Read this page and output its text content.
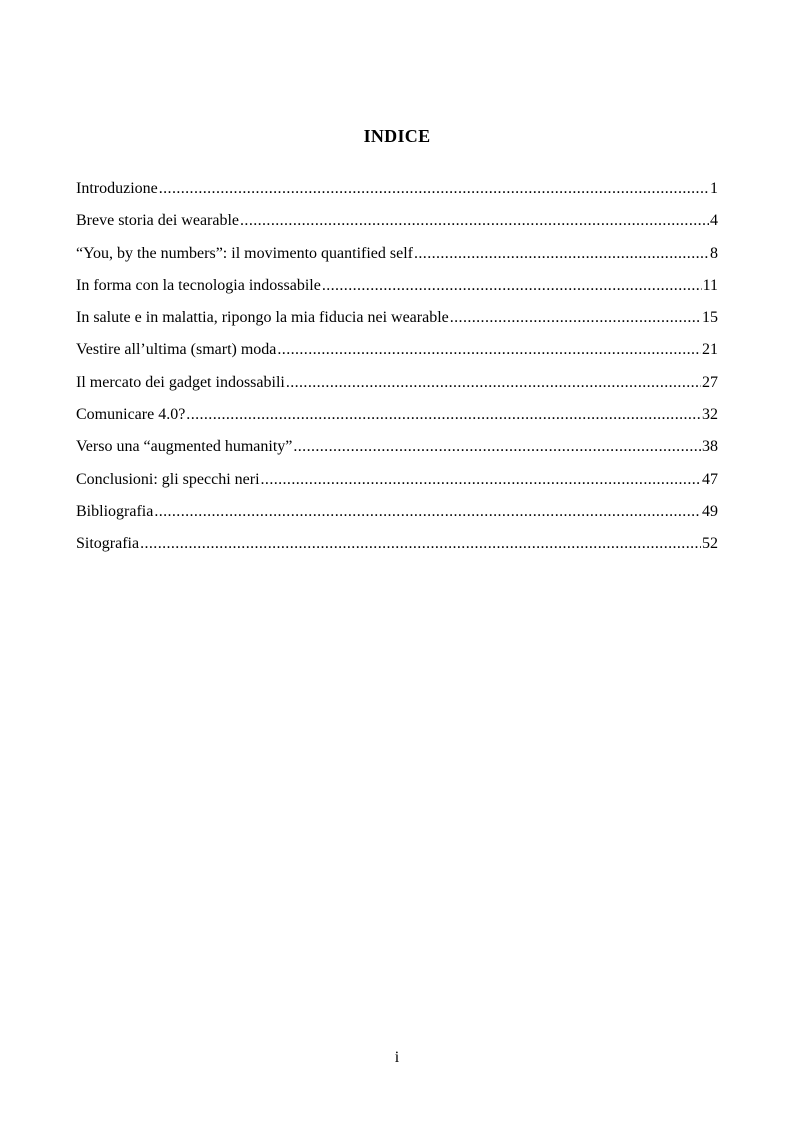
INDICE
Introduzione .....	1
Breve storia dei wearable .....	4
“You, by the numbers”: il movimento quantified self .....	8
In forma con la tecnologia indossabile .....	11
In salute e in malattia, ripongo la mia fiducia nei wearable .....	15
Vestire all’ultima (smart) moda .....	21
Il mercato dei gadget indossabili .....	27
Comunicare 4.0? .....	32
Verso una “augmented humanity” .....	38
Conclusioni: gli specchi neri .....	47
Bibliografia .....	49
Sitografia .....	52
i
